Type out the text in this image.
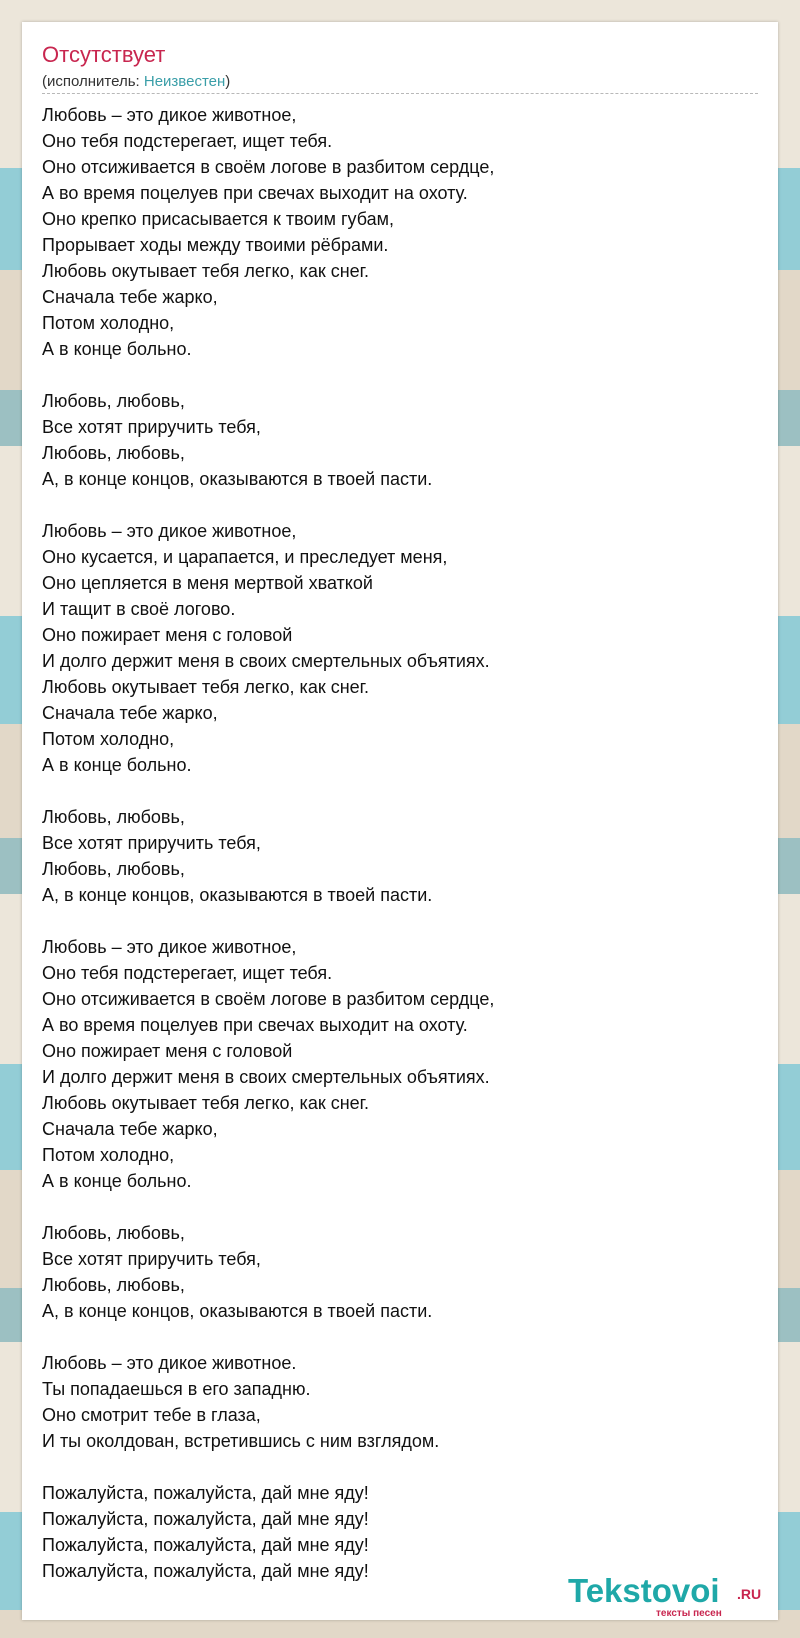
Отсутствует
(исполнитель: Неизвестен)

Любовь – это дикое животное,

Оно тебя подстерегает, ищет тебя.

Оно отсиживается в своём логове в разбитом сердце,

А во время поцелуев при свечах выходит на охоту.

Оно крепко присасывается к твоим губам,

Прорывает ходы между твоими рёбрами.

Любовь окутывает тебя легко, как снег.

Сначала тебе жарко,

Потом холодно,

А в конце больно.

Любовь, любовь,

Все хотят приручить тебя,

Любовь, любовь,

А, в конце концов, оказываются в твоей пасти.

Любовь – это дикое животное,

Оно кусается, и царапается, и преследует меня,

Оно цепляется в меня мертвой хваткой

И тащит в своё логово.

Оно пожирает меня с головой

И долго держит меня в своих смертельных объятиях.

Любовь окутывает тебя легко, как снег.

Сначала тебе жарко,

Потом холодно,

А в конце больно.

Любовь, любовь,

Все хотят приручить тебя,

Любовь, любовь,

А, в конце концов, оказываются в твоей пасти.

Любовь – это дикое животное,

Оно тебя подстерегает, ищет тебя.

Оно отсиживается в своём логове в разбитом сердце,

А во время поцелуев при свечах выходит на охоту.

Оно пожирает меня с головой

И долго держит меня в своих смертельных объятиях.

Любовь окутывает тебя легко, как снег.

Сначала тебе жарко,

Потом холодно,

А в конце больно.

Любовь, любовь,

Все хотят приручить тебя,

Любовь, любовь,

А, в конце концов, оказываются в твоей пасти.

Любовь – это дикое животное.

Ты попадаешься в его западню.

Оно смотрит тебе в глаза,

И ты околдован, встретившись с ним взглядом.

Пожалуйста, пожалуйста, дай мне яду!

Пожалуйста, пожалуйста, дай мне яду!

Пожалуйста, пожалуйста, дай мне яду!

Пожалуйста, пожалуйста, дай мне яду!

Tekstovoi .RU
тексты песен
